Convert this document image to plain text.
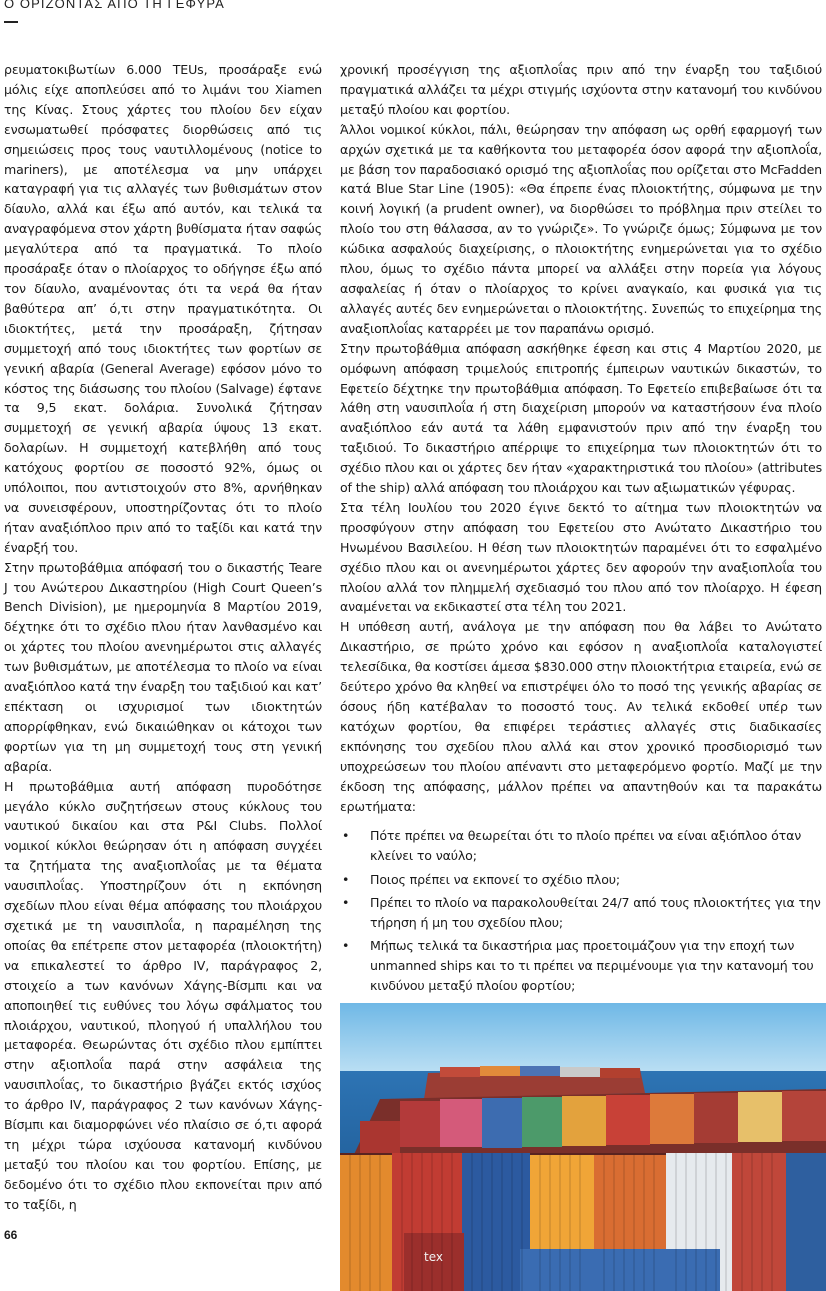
Ο ΟΡΙΖΟΝΤΑΣ ΑΠΟ ΤΗ ΓΕΦΥΡΑ

ρευματοκιβωτίων 6.000 TEUs, προσάραξε ενώ μόλις είχε αποπλεύσει από το λιμάνι του Xiamen της Κίνας. Στους χάρτες του πλοίου δεν είχαν ενσωματωθεί πρόσφατες διορθώσεις από τις σημειώσεις προς τους ναυτιλλομένους (notice to mariners), με αποτέλεσμα να μην υπάρχει καταγραφή για τις αλλαγές των βυθισμάτων στον δίαυλο, αλλά και έξω από αυτόν, και τελικά τα αναγραφόμενα στον χάρτη βυθίσματα ήταν σαφώς μεγαλύτερα από τα πραγματικά. Το πλοίο προσάραξε όταν ο πλοίαρχος το οδήγησε έξω από τον δίαυλο, αναμένοντας ότι τα νερά θα ήταν βαθύτερα απ’ ό,τι στην πραγματικότητα. Οι ιδιοκτήτες, μετά την προσάραξη, ζήτησαν συμμετοχή από τους ιδιοκτήτες των φορτίων σε γενική αβαρία (General Average) εφόσον μόνο το κόστος της διάσωσης του πλοίου (Salvage) έφτανε τα 9,5 εκατ. δολάρια. Συνολικά ζήτησαν συμμετοχή σε γενική αβαρία ύψους 13 εκατ. δολαρίων. Η συμμετοχή κατεβλήθη από τους κατόχους φορτίου σε ποσοστό 92%, όμως οι υπόλοιποι, που αντιστοιχούν στο 8%, αρνήθηκαν να συνεισφέρουν, υποστηρίζοντας ότι το πλοίο ήταν αναξιόπλοο πριν από το ταξίδι και κατά την έναρξή του.

Στην πρωτοβάθμια απόφασή του ο δικαστής Teare J του Ανώτερου Δικαστηρίου (High Court Queen’s Bench Division), με ημερομηνία 8 Μαρτίου 2019, δέχτηκε ότι το σχέδιο πλου ήταν λανθασμένο και οι χάρτες του πλοίου ανενημέρωτοι στις αλλαγές των βυθισμάτων, με αποτέλεσμα το πλοίο να είναι αναξιόπλοο κατά την έναρξη του ταξιδιού και κατ’ επέκταση οι ισχυρισμοί των ιδιοκτητών απορρίφθηκαν, ενώ δικαιώθηκαν οι κάτοχοι των φορτίων για τη μη συμμετοχή τους στη γενική αβαρία.

Η πρωτοβάθμια αυτή απόφαση πυροδότησε μεγάλο κύκλο συζητήσεων στους κύκλους του ναυτικού δικαίου και στα P&I Clubs. Πολλοί νομικοί κύκλοι θεώρησαν ότι η απόφαση συγχέει τα ζητήματα της αναξιοπλοΐας με τα θέματα ναυσιπλοΐας. Υποστηρίζουν ότι η εκπόνηση σχεδίων πλου είναι θέμα απόφασης του πλοιάρχου σχετικά με τη ναυσιπλοΐα, η παραμέληση της οποίας θα επέτρεπε στον μεταφορέα (πλοιοκτήτη) να επικαλεστεί το άρθρο IV, παράγραφος 2, στοιχείο a των κανόνων Χάγης-Βίσμπι και να αποποιηθεί τις ευθύνες του λόγω σφάλματος του πλοιάρχου, ναυτικού, πλοηγού ή υπαλλήλου του μεταφορέα. Θεωρώντας ότι σχέδιο πλου εμπίπτει στην αξιοπλοΐα παρά στην ασφάλεια της ναυσιπλοΐας, το δικαστήριο βγάζει εκτός ισχύος το άρθρο IV, παράγραφος 2 των κανόνων Χάγης-Βίσμπι και διαμορφώνει νέο πλαίσιο σε ό,τι αφορά τη μέχρι τώρα ισχύουσα κατανομή κινδύνου μεταξύ του πλοίου και του φορτίου. Επίσης, με δεδομένο ότι το σχέδιο πλου εκπονείται πριν από το ταξίδι, η

χρονική προσέγγιση της αξιοπλοΐας πριν από την έναρξη του ταξιδιού πραγματικά αλλάζει τα μέχρι στιγμής ισχύοντα στην κατανομή του κινδύνου μεταξύ πλοίου και φορτίου.

Άλλοι νομικοί κύκλοι, πάλι, θεώρησαν την απόφαση ως ορθή εφαρμογή των αρχών σχετικά με τα καθήκοντα του μεταφορέα όσον αφορά την αξιοπλοΐα, με βάση τον παραδοσιακό ορισμό της αξιοπλοΐας που ορίζεται στο McFadden κατά Blue Star Line (1905): «Θα έπρεπε ένας πλοιοκτήτης, σύμφωνα με την κοινή λογική (a prudent owner), να διορθώσει το πρόβλημα πριν στείλει το πλοίο του στη θάλασσα, αν το γνώριζε». Το γνώριζε όμως; Σύμφωνα με τον κώδικα ασφαλούς διαχείρισης, ο πλοιοκτήτης ενημερώνεται για το σχέδιο πλου, όμως το σχέδιο πάντα μπορεί να αλλάξει στην πορεία για λόγους ασφαλείας ή όταν ο πλοίαρχος το κρίνει αναγκαίο, και φυσικά για τις αλλαγές αυτές δεν ενημερώνεται ο πλοιοκτήτης. Συνεπώς το επιχείρημα της αναξιοπλοΐας καταρρέει με τον παραπάνω ορισμό.

Στην πρωτοβάθμια απόφαση ασκήθηκε έφεση και στις 4 Μαρτίου 2020, με ομόφωνη απόφαση τριμελούς επιτροπής έμπειρων ναυτικών δικαστών, το Εφετείο δέχτηκε την πρωτοβάθμια απόφαση. Το Εφετείο επιβεβαίωσε ότι τα λάθη στη ναυσιπλοΐα ή στη διαχείριση μπορούν να καταστήσουν ένα πλοίο αναξιόπλοο εάν αυτά τα λάθη εμφανιστούν πριν από την έναρξη του ταξιδιού. Το δικαστήριο απέρριψε το επιχείρημα των πλοιοκτητών ότι το σχέδιο πλου και οι χάρτες δεν ήταν «χαρακτηριστικά του πλοίου» (attributes of the ship) αλλά απόφαση του πλοιάρχου και των αξιωματικών γέφυρας.

Στα τέλη Ιουλίου του 2020 έγινε δεκτό το αίτημα των πλοιοκτητών να προσφύγουν στην απόφαση του Εφετείου στο Ανώτατο Δικαστήριο του Ηνωμένου Βασιλείου. Η θέση των πλοιοκτητών παραμένει ότι το εσφαλμένο σχέδιο πλου και οι ανενημέρωτοι χάρτες δεν αφορούν την αναξιοπλοΐα του πλοίου αλλά τον πλημμελή σχεδιασμό του πλου από τον πλοίαρχο. Η έφεση αναμένεται να εκδικαστεί στα τέλη του 2021.

Η υπόθεση αυτή, ανάλογα με την απόφαση που θα λάβει το Ανώτατο Δικαστήριο, σε πρώτο χρόνο και εφόσον η αναξιοπλοΐα καταλογιστεί τελεσίδικα, θα κοστίσει άμεσα $830.000 στην πλοιοκτήτρια εταιρεία, ενώ σε δεύτερο χρόνο θα κληθεί να επιστρέψει όλο το ποσό της γενικής αβαρίας σε όσους ήδη κατέβαλαν το ποσοστό τους. Αν τελικά εκδοθεί υπέρ των κατόχων φορτίου, θα επιφέρει τεράστιες αλλαγές στις διαδικασίες εκπόνησης του σχεδίου πλου αλλά και στον χρονικό προσδιορισμό των υποχρεώσεων του πλοίου απέναντι στο μεταφερόμενο φορτίο. Μαζί με την έκδοση της απόφασης, μάλλον πρέπει να απαντηθούν και τα παρακάτω ερωτήματα:

• Πότε πρέπει να θεωρείται ότι το πλοίο πρέπει να είναι αξιόπλοο όταν κλείνει το ναύλο;
• Ποιος πρέπει να εκπονεί το σχέδιο πλου;
• Πρέπει το πλοίο να παρακολουθείται 24/7 από τους πλοιοκτήτες για την τήρηση ή μη του σχεδίου πλου;
• Μήπως τελικά τα δικαστήρια μας προετοιμάζουν για την εποχή των unmanned ships και το τι πρέπει να περιμένουμε για την κατανομή του κινδύνου μεταξύ πλοίου φορτίου;
tex
66
